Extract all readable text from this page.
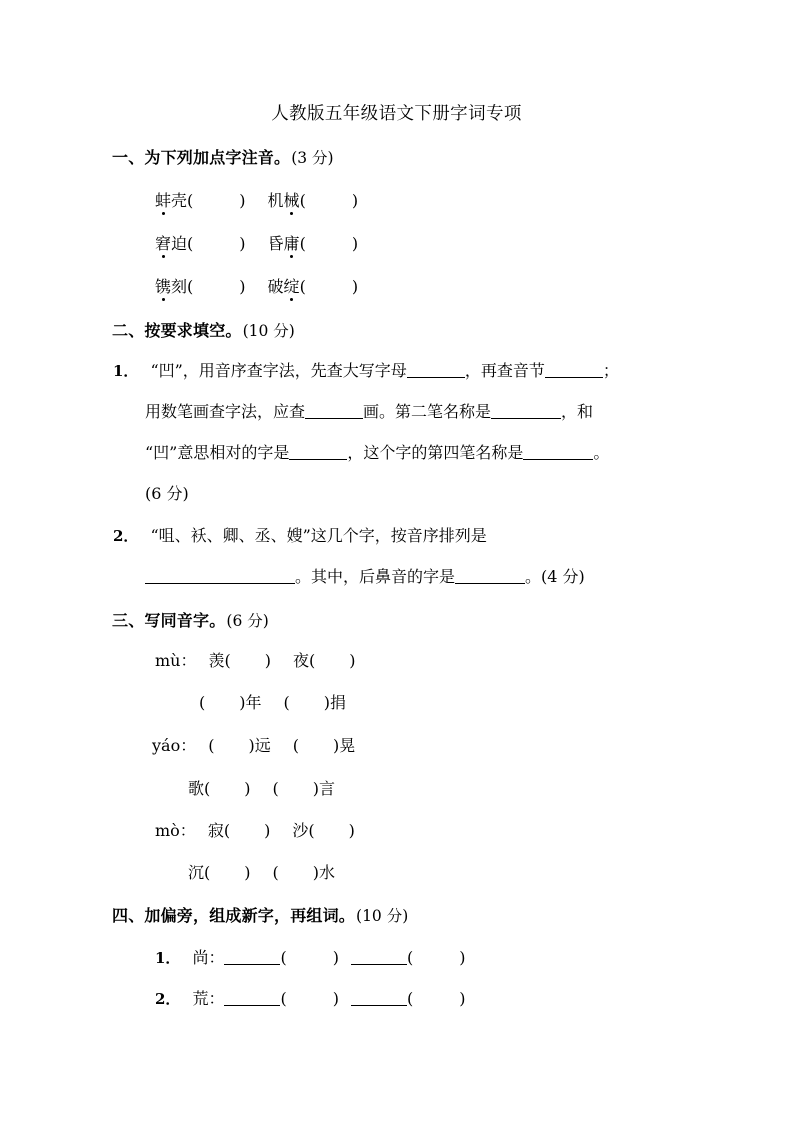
人教版五年级语文下册字词专项
一、为下列加点字注音。(3 分)
蚌壳(	) 机械(	)
窘迫(	) 昏庸(	)
镌刻(	) 破绽(	)
二、按要求填空。(10 分)
1． “凹”，用音序查字法，先查大写字母	，再查音节	；
用数笔画查字法，应查	画。第二笔名称是	，和
“凹”意思相对的字是	，这个字的第四笔名称是	。
(6 分)
2． “咀、袄、卿、丞、嫂”这几个字，按音序排列是
。其中，后鼻音的字是	。(4 分)
三、写同音字。(6 分)
mù： 羡( ) 夜( )
( )年 ( )捐
yáo： ( )远 ( )晃
歌( ) ( )言
mò： 寂( ) 沙( )
沉( ) ( )水
四、加偏旁，组成新字，再组词。(10 分)
1． 尚：	(	)	(	)
2． 荒：	(	)	(	)
